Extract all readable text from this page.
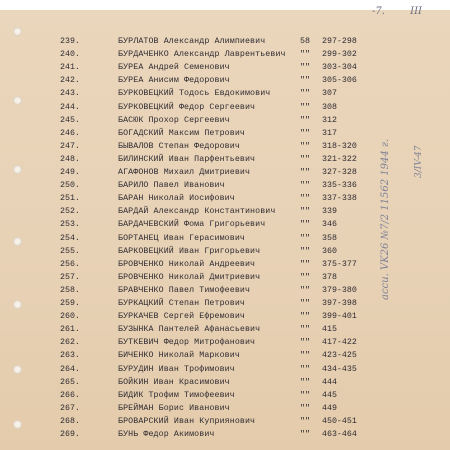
-7.	III
239.	БУРЛАТОВ Александр Алимпиевич	58 297-298
240.	БУРДАЧЕНКО Александр Лаврентьевич "" 299-302
241.	БУРЕА Андрей Семенович	"" 303-304
242.	БУРЕА Анисим Федорович	"" 305-306
243.	БУРКОВЕЦКИЙ Тодось Евдокимович	"" 307
244.	БУРКОВЕЦКИЙ Федор Сергеевич	"" 308
245.	БАСЮК Прохор Сергеевич	"" 312
246.	БОГАДСКИЙ Максим Петрович	"" 317
247.	БЫВАЛОВ Степан Федорович	"" 318-320
248.	БИЛИНСКИЙ Иван Парфентьевич	"" 321-322
249.	АГАФОНОВ Михаил Дмитриевич	"" 327-328
250.	БАРИЛО Павел Иванович	"" 335-336
251.	БАРАН Николай Иосифович	"" 337-338
252.	БАРДАЙ Александр Константинович	"" 339
253.	БАРДАЧЕВСКИЙ Фома Григорьевич	"" 346
254.	БОРТАНЕЦ Иван Герасимович	"" 358
255.	БАРКОВЕЦКИЙ Иван Григорьевич	"" 360
256.	БРОВЧЕНКО Николай Андреевич	"" 375-377
257.	БРОВЧЕНКО Николай Дмитриевич	"" 378
258.	БРАВЧЕНКО Павел Тимофеевич	"" 379-380
259.	БУРКАЦКИЙ Степан Петрович	"" 397-398
260.	БУРКАЧЕВ Сергей Ефремович	"" 399-401
261.	БУЗЫНКА Пантелей Афанасьевич	"" 415
262.	БУТКЕВИЧ Федор Митрофанович	"" 417-422
263.	БИЧЕНКО Николай Маркович	"" 423-425
264.	БУРУДИН Иван Трофимович	"" 434-435
265.	БОЙКИН Иван Красимович	"" 444
266.	БИДИК Трофим Тимофеевич	"" 445
267.	БРЕЙМАН Борис Иванович	"" 449
268.	БРОВАРСКИЙ Иван Куприянович	"" 450-451
269.	БУНЬ Федор Акимович	"" 463-464
асси. VK26 №7/2 11562 1944 г.	3/IV-47
